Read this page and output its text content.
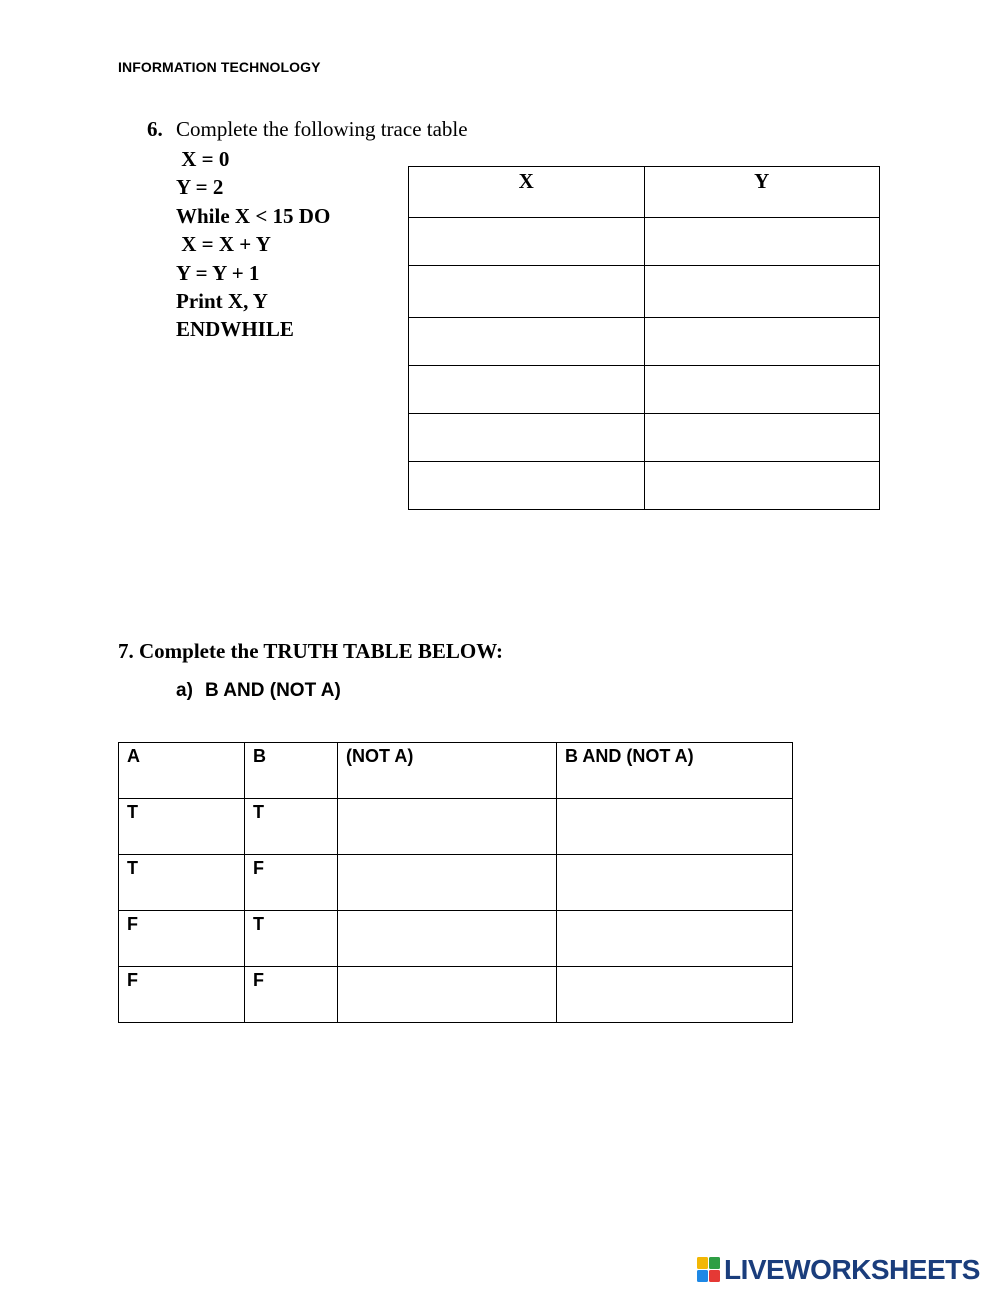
INFORMATION TECHNOLOGY
6. Complete the following trace table
X = 0
Y = 2
While X < 15 DO
X = X + Y
Y = Y + 1
Print X, Y
ENDWHILE
X	Y

7. Complete the TRUTH TABLE BELOW:
a) B AND (NOT A)
A	B	(NOT A)	B AND (NOT A)
T	T		
T	F		
F	T		
F	F		
LIVEWORKSHEETS
